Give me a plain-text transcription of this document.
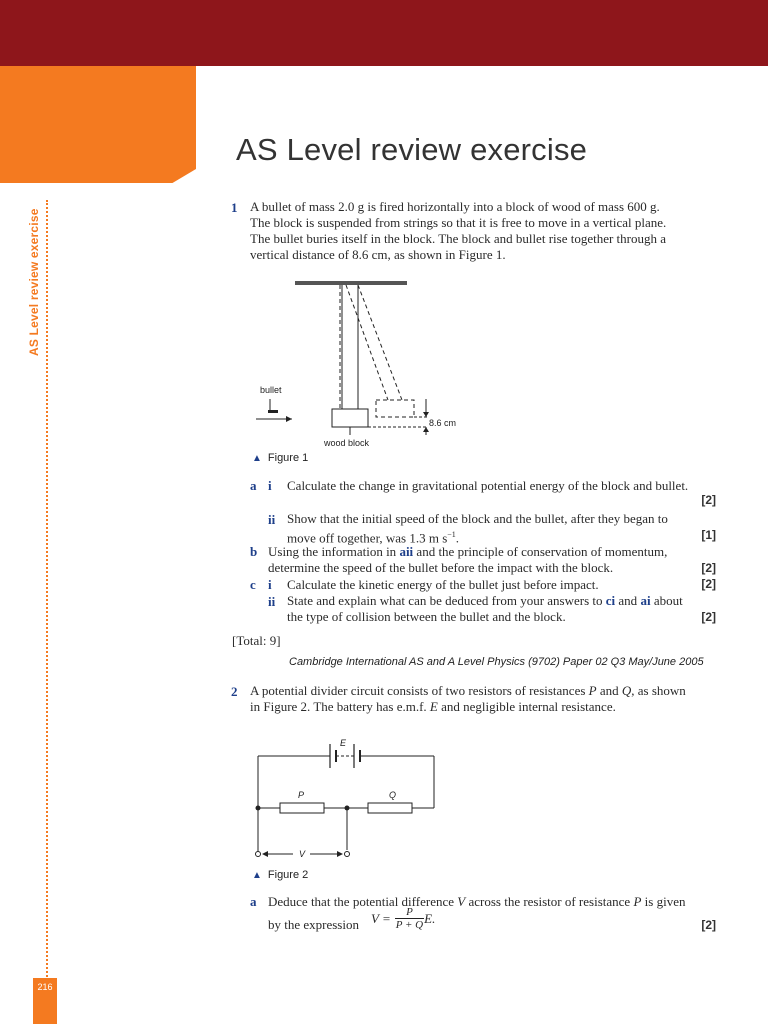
AS Level review exercise
216
AS Level review exercise
1 A bullet of mass 2.0 g is fired horizontally into a block of wood of mass 600 g.
The block is suspended from strings so that it is free to move in a vertical plane.
The bullet buries itself in the block. The block and bullet rise together through a
vertical distance of 8.6 cm, as shown in Figure 1.
8.6 cm
bullet
wood block
▲ Figure 1
a i Calculate the change in gravitational potential energy of the block and bullet.
[2]
ii Show that the initial speed of the block and the bullet, after they began to
move off together, was 1.3 m $s^{-1}$.	[1]
b Using the information in aii and the principle of conservation of momentum,
determine the speed of the bullet before the impact with the block.	[2]
c i Calculate the kinetic energy of the bullet just before impact.	[2]
ii State and explain what can be deduced from your answers to ci and ai about
the type of collision between the bullet and the block.	[2]
[Total: 9]
Cambridge International AS and A Level Physics (9702) Paper 02 Q3 May/June 2005
2 A potential divider circuit consists of two resistors of resistances P and Q, as shown
in Figure 2. The battery has e.m.f. E and negligible internal resistance.
E
P	Q
V
▲ Figure 2
a Deduce that the potential difference V across the resistor of resistance P is given
by the expression $V = \frac{P}{P + Q} E$.	[2]
